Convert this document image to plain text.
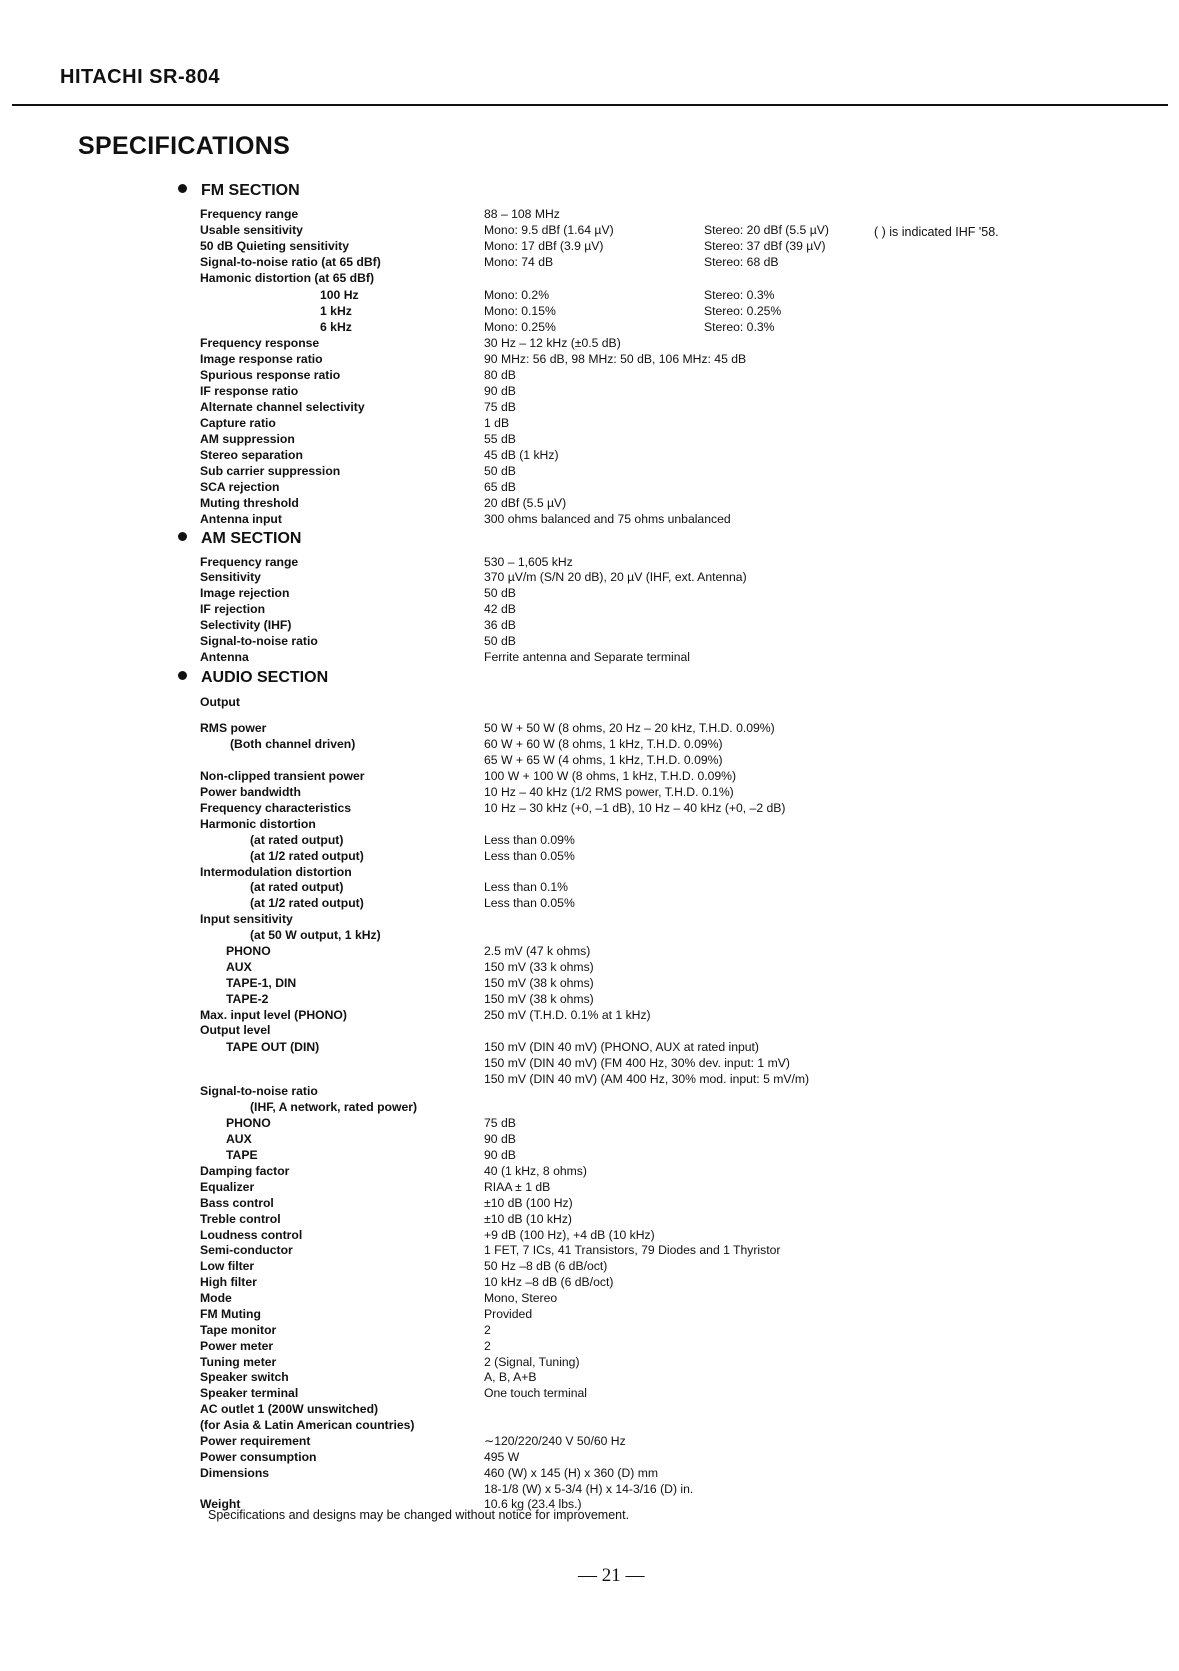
HITACHI SR-804
SPECIFICATIONS
FM SECTION
AM SECTION
AUDIO SECTION
( ) is indicated IHF '58.
Frequency range	88 – 108 MHz
Usable sensitivity	Mono: 9.5 dBf (1.64 µV)	Stereo: 20 dBf (5.5 µV)
50 dB Quieting sensitivity	Mono: 17 dBf (3.9 µV)	Stereo: 37 dBf (39 µV)
Signal-to-noise ratio (at 65 dBf)	Mono: 74 dB	Stereo: 68 dB
Hamonic distortion (at 65 dBf)
100 Hz	Mono: 0.2%	Stereo: 0.3%
1 kHz	Mono: 0.15%	Stereo: 0.25%
6 kHz	Mono: 0.25%	Stereo: 0.3%
Frequency response	30 Hz – 12 kHz (±0.5 dB)
Image response ratio	90 MHz: 56 dB, 98 MHz: 50 dB, 106 MHz: 45 dB
Spurious response ratio	80 dB
IF response ratio	90 dB
Alternate channel selectivity	75 dB
Capture ratio	1 dB
AM suppression	55 dB
Stereo separation	45 dB (1 kHz)
Sub carrier suppression	50 dB
SCA rejection	65 dB
Muting threshold	20 dBf (5.5 µV)
Antenna input	300 ohms balanced and 75 ohms unbalanced
Frequency range	530 – 1,605 kHz
Sensitivity	370 µV/m (S/N 20 dB), 20 µV (IHF, ext. Antenna)
Image rejection	50 dB
IF rejection	42 dB
Selectivity (IHF)	36 dB
Signal-to-noise ratio	50 dB
Antenna	Ferrite antenna and Separate terminal
Output
RMS power	50 W + 50 W (8 ohms, 20 Hz – 20 kHz, T.H.D. 0.09%)
(Both channel driven)	60 W + 60 W (8 ohms, 1 kHz, T.H.D. 0.09%)
65 W + 65 W (4 ohms, 1 kHz, T.H.D. 0.09%)
Non-clipped transient power	100 W + 100 W (8 ohms, 1 kHz, T.H.D. 0.09%)
Power bandwidth	10 Hz – 40 kHz (1/2 RMS power, T.H.D. 0.1%)
Frequency characteristics	10 Hz – 30 kHz (+0, –1 dB), 10 Hz – 40 kHz (+0, –2 dB)
Harmonic distortion
(at rated output)	Less than 0.09%
(at 1/2 rated output)	Less than 0.05%
Intermodulation distortion
(at rated output)	Less than 0.1%
(at 1/2 rated output)	Less than 0.05%
Input sensitivity
(at 50 W output, 1 kHz)
PHONO	2.5 mV (47 k ohms)
AUX	150 mV (33 k ohms)
TAPE-1, DIN	150 mV (38 k ohms)
TAPE-2	150 mV (38 k ohms)
Max. input level (PHONO)	250 mV (T.H.D. 0.1% at 1 kHz)
Output level
TAPE OUT (DIN)	150 mV (DIN 40 mV) (PHONO, AUX at rated input)
150 mV (DIN 40 mV) (FM 400 Hz, 30% dev. input: 1 mV)
150 mV (DIN 40 mV) (AM 400 Hz, 30% mod. input: 5 mV/m)
Signal-to-noise ratio
(IHF, A network, rated power)
PHONO	75 dB
AUX	90 dB
TAPE	90 dB
Damping factor	40 (1 kHz, 8 ohms)
Equalizer	RIAA ± 1 dB
Bass control	±10 dB (100 Hz)
Treble control	±10 dB (10 kHz)
Loudness control	+9 dB (100 Hz), +4 dB (10 kHz)
Semi-conductor	1 FET, 7 ICs, 41 Transistors, 79 Diodes and 1 Thyristor
Low filter	50 Hz –8 dB (6 dB/oct)
High filter	10 kHz –8 dB (6 dB/oct)
Mode	Mono, Stereo
FM Muting	Provided
Tape monitor	2
Power meter	2
Tuning meter	2 (Signal, Tuning)
Speaker switch	A, B, A+B
Speaker terminal	One touch terminal
AC outlet 1 (200W unswitched)
(for Asia & Latin American countries)
Power requirement	∼120/220/240 V 50/60 Hz
Power consumption	495 W
Dimensions	460 (W) x 145 (H) x 360 (D) mm
18-1/8 (W) x 5-3/4 (H) x 14-3/16 (D) in.
Weight	10.6 kg (23.4 lbs.)
Specifications and designs may be changed without notice for improvement.
— 21 —
